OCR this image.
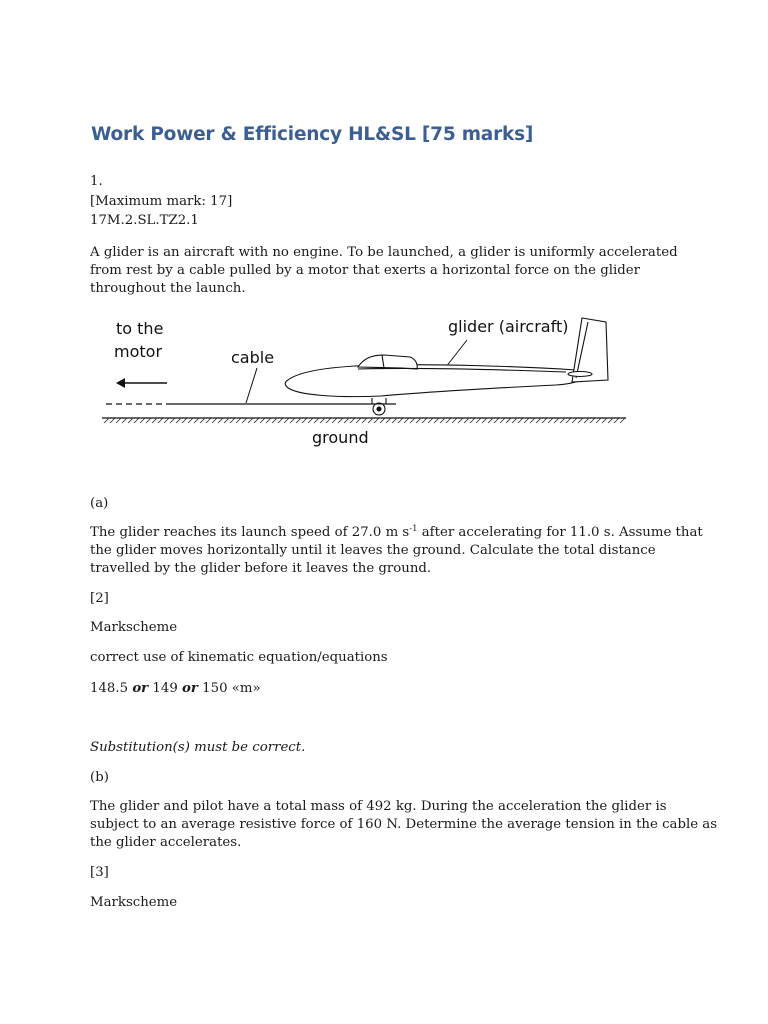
Work Power & Efficiency HL&SL [75 marks]
1.
[Maximum mark: 17]
17M.2.SL.TZ2.1
A glider is an aircraft with no engine. To be launched, a glider is uniformly accelerated
from rest by a cable pulled by a motor that exerts a horizontal force on the glider
throughout the launch.
to the
motor	cable
glider (aircraft)
ground
(a)
The glider reaches its launch speed of 27.0 m $s^{-1}$ after accelerating for 11.0 s. Assume that
the glider moves horizontally until it leaves the ground. Calculate the total distance
travelled by the glider before it leaves the ground.
[2]
Markscheme
correct use of kinematic equation/equations
148.5 or 149 or 150 «m»
Substitution(s) must be correct.
(b)
The glider and pilot have a total mass of 492 kg. During the acceleration the glider is
subject to an average resistive force of 160 N. Determine the average tension in the cable as
the glider accelerates.
[3]
Markscheme
